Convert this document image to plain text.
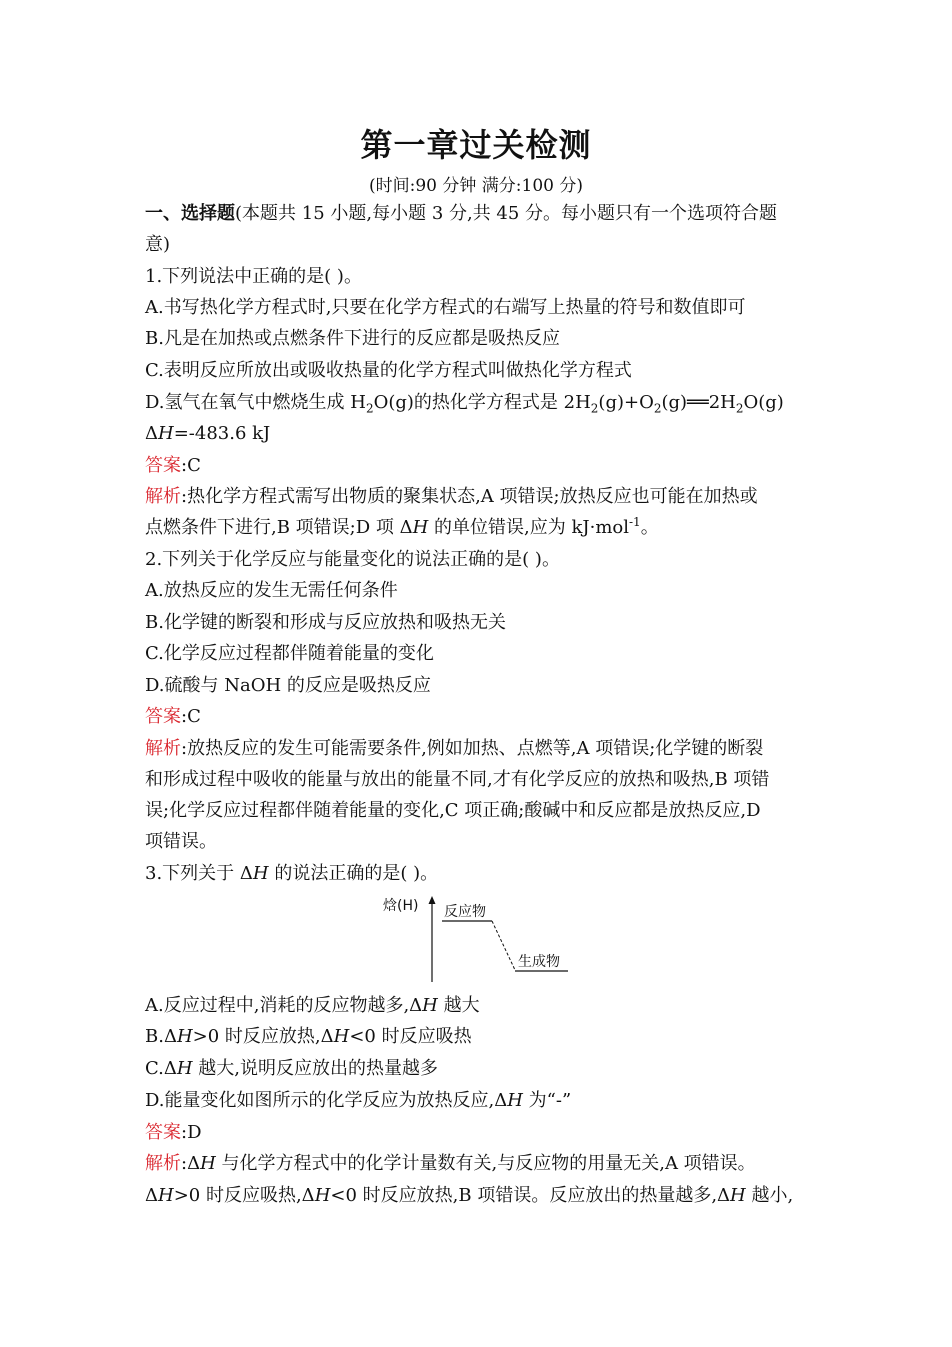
第一章过关检测
(时间:90 分钟 满分:100 分)
一、选择题(本题共 15 小题,每小题 3 分,共 45 分。每小题只有一个选项符合题
意)
1.下列说法中正确的是( )。
A.书写热化学方程式时,只要在化学方程式的右端写上热量的符号和数值即可
B.凡是在加热或点燃条件下进行的反应都是吸热反应
C.表明反应所放出或吸收热量的化学方程式叫做热化学方程式
D.氢气在氧气中燃烧生成 $H_2O(g)$的热化学方程式是 $2H_2(g)+O_2(g)══2H_2O(g)$
ΔH=-483.6 kJ
答案:C
解析:热化学方程式需写出物质的聚集状态,A 项错误;放热反应也可能在加热或
点燃条件下进行,B 项错误;D 项 ΔH 的单位错误,应为 kJ·mol$^{-1}$。
2.下列关于化学反应与能量变化的说法正确的是( )。
A.放热反应的发生无需任何条件
B.化学键的断裂和形成与反应放热和吸热无关
C.化学反应过程都伴随着能量的变化
D.硫酸与 NaOH 的反应是吸热反应
答案:C
解析:放热反应的发生可能需要条件,例如加热、点燃等,A 项错误;化学键的断裂
和形成过程中吸收的能量与放出的能量不同,才有化学反应的放热和吸热,B 项错
误;化学反应过程都伴随着能量的变化,C 项正确;酸碱中和反应都是放热反应,D
项错误。
3.下列关于 ΔH 的说法正确的是( )。
焓(H) 反应物
生成物
A.反应过程中,消耗的反应物越多,ΔH 越大
B.ΔH>0 时反应放热,ΔH<0 时反应吸热
C.ΔH 越大,说明反应放出的热量越多
D.能量变化如图所示的化学反应为放热反应,ΔH 为“-”
答案:D
解析:ΔH 与化学方程式中的化学计量数有关,与反应物的用量无关,A 项错误。
ΔH>0 时反应吸热,ΔH<0 时反应放热,B 项错误。反应放出的热量越多,ΔH 越小,
